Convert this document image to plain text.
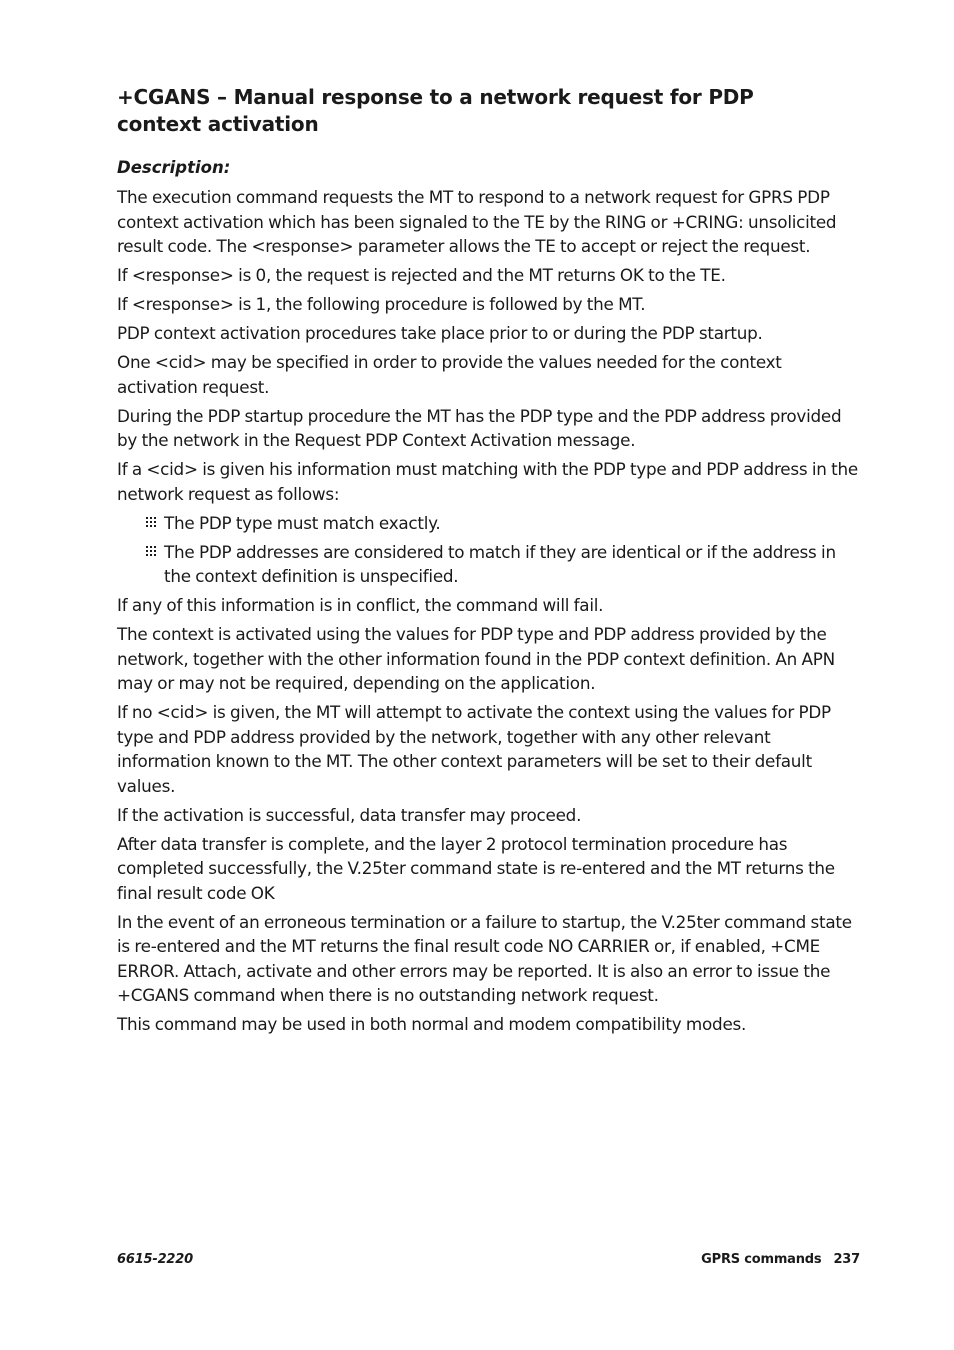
+CGANS – Manual response to a network request for PDP
context activation
Description:

The execution command requests the MT to respond to a network request for GPRS PDP context activation which has been signaled to the TE by the RING or +CRING: unsolicited result code. The <response> parameter allows the TE to accept or reject the request.

If <response> is 0, the request is rejected and the MT returns OK to the TE.

If <response> is 1, the following procedure is followed by the MT.

PDP context activation procedures take place prior to or during the PDP startup.

One <cid> may be specified in order to provide the values needed for the context activation request.

During the PDP startup procedure the MT has the PDP type and the PDP address provided by the network in the Request PDP Context Activation message.

If a <cid> is given his information must matching with the PDP type and PDP address in the network request as follows:

The PDP type must match exactly.
The PDP addresses are considered to match if they are identical or if the address in the context definition is unspecified.

If any of this information is in conflict, the command will fail.

The context is activated using the values for PDP type and PDP address provided by the network, together with the other information found in the PDP context definition. An APN may or may not be required, depending on the application.

If no <cid> is given, the MT will attempt to activate the context using the values for PDP type and PDP address provided by the network, together with any other relevant information known to the MT. The other context parameters will be set to their default values.

If the activation is successful, data transfer may proceed.

After data transfer is complete, and the layer 2 protocol termination procedure has completed successfully, the V.25ter command state is re-entered and the MT returns the final result code OK

In the event of an erroneous termination or a failure to startup, the V.25ter command state is re-entered and the MT returns the final result code NO CARRIER or, if enabled, +CME ERROR. Attach, activate and other errors may be reported. It is also an error to issue the +CGANS command when there is no outstanding network request.

This command may be used in both normal and modem compatibility modes.

6615-2220	GPRS commands 237
